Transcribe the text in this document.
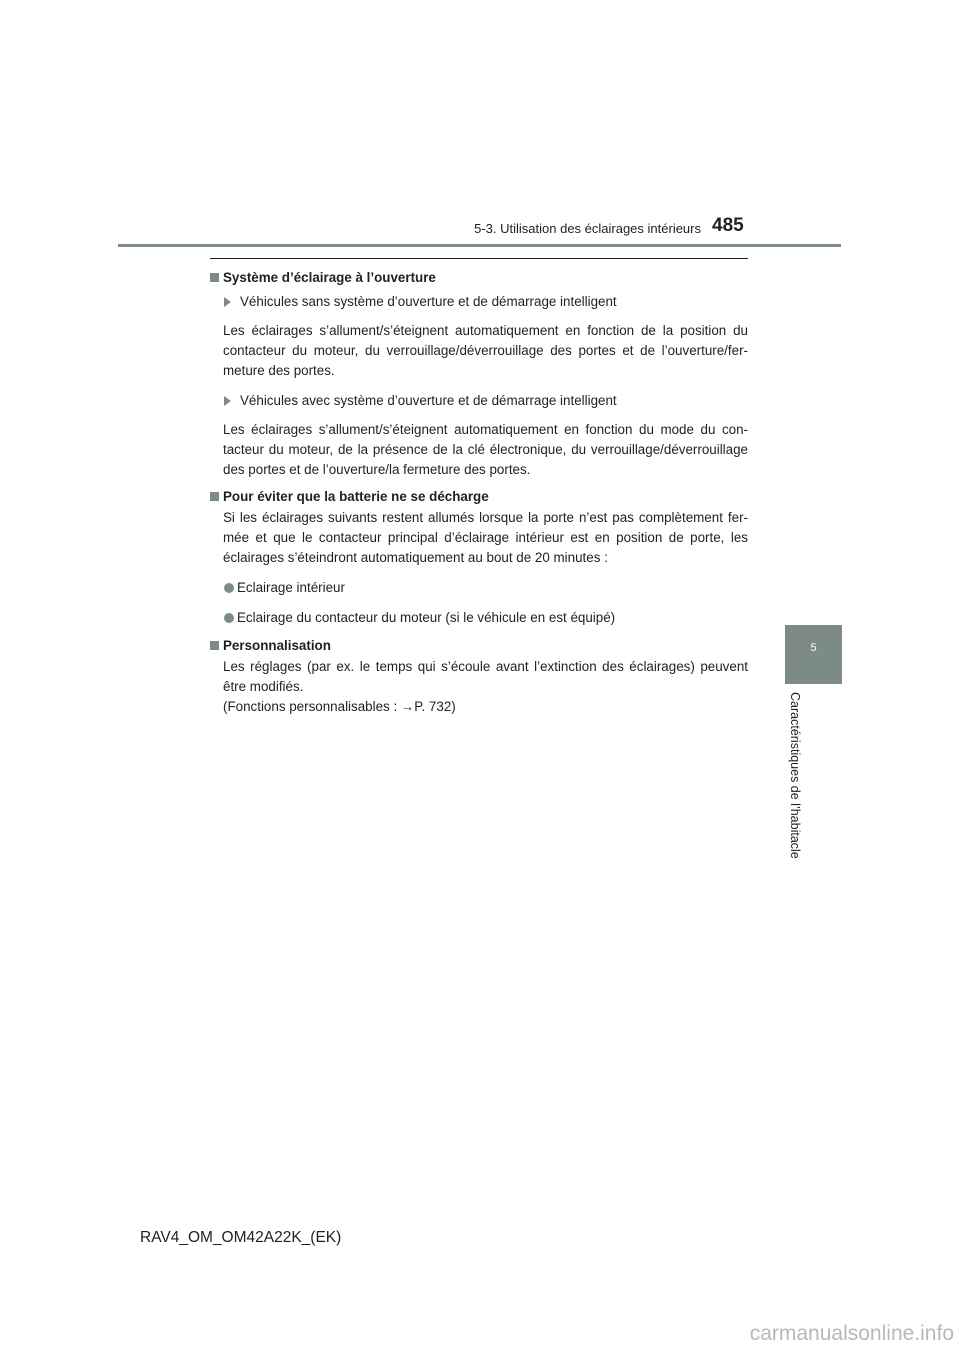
5-3. Utilisation des éclairages intérieurs 485
5
Caractéristiques de l’habitacle
Système d’éclairage à l’ouverture
Véhicules sans système d’ouverture et de démarrage intelligent
Les éclairages s’allument/s’éteignent automatiquement en fonction de la position du contacteur du moteur, du verrouillage/déverrouillage des portes et de l’ouverture/fer-meture des portes.
Véhicules avec système d’ouverture et de démarrage intelligent
Les éclairages s’allument/s’éteignent automatiquement en fonction du mode du con-tacteur du moteur, de la présence de la clé électronique, du verrouillage/déverrouillage des portes et de l’ouverture/la fermeture des portes.
Pour éviter que la batterie ne se décharge
Si les éclairages suivants restent allumés lorsque la porte n’est pas complètement fer-mée et que le contacteur principal d’éclairage intérieur est en position de porte, les éclairages s’éteindront automatiquement au bout de 20 minutes :
Eclairage intérieur
Eclairage du contacteur du moteur (si le véhicule en est équipé)
Personnalisation
Les réglages (par ex. le temps qui s’écoule avant l’extinction des éclairages) peuvent être modifiés.
(Fonctions personnalisables : →P. 732)
RAV4_OM_OM42A22K_(EK)
carmanualsonline.info
